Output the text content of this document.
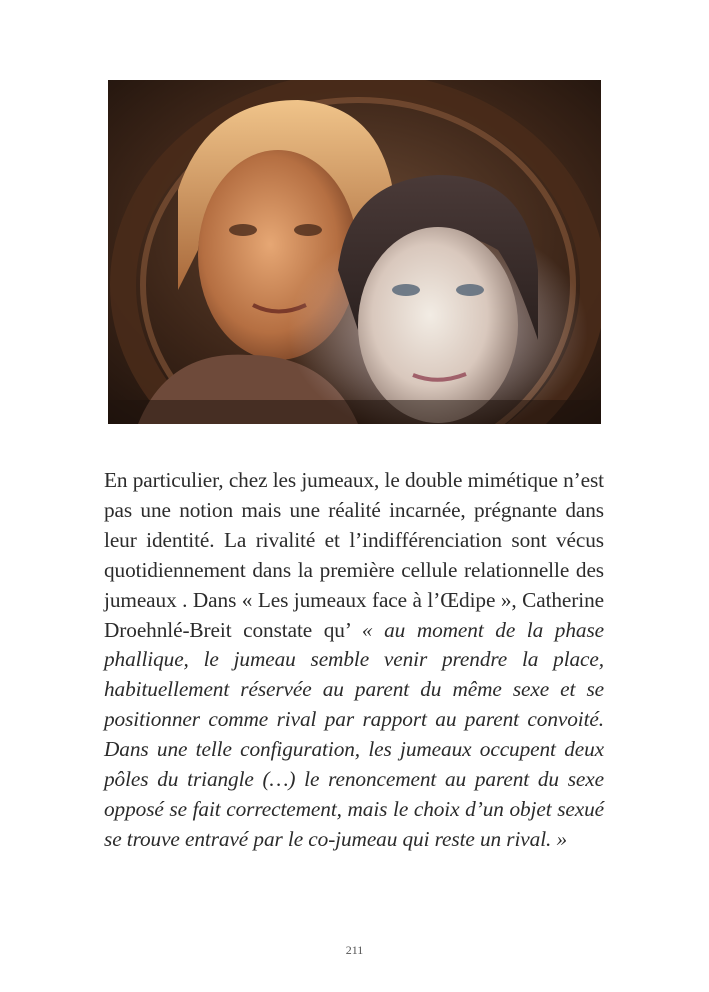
En particulier, chez les jumeaux, le double mimétique n’est pas une notion mais une réalité incarnée, prégnante dans leur identité. La rivalité et l’indifférenciation sont vécus quotidiennement dans la première cellule relationnelle des jumeaux . Dans « Les jumeaux face à l’Œdipe », Catherine Droehnlé-Breit constate qu’ « au moment de la phase phallique, le jumeau semble venir prendre la place, habituellement réservée au parent du même sexe et se positionner comme rival par rapport au parent convoité. Dans une telle configuration, les jumeaux occupent deux pôles du triangle (…) le renoncement au parent du sexe opposé se fait correctement, mais le choix d’un objet sexué se trouve entravé par le co-jumeau qui reste un rival. »
211
